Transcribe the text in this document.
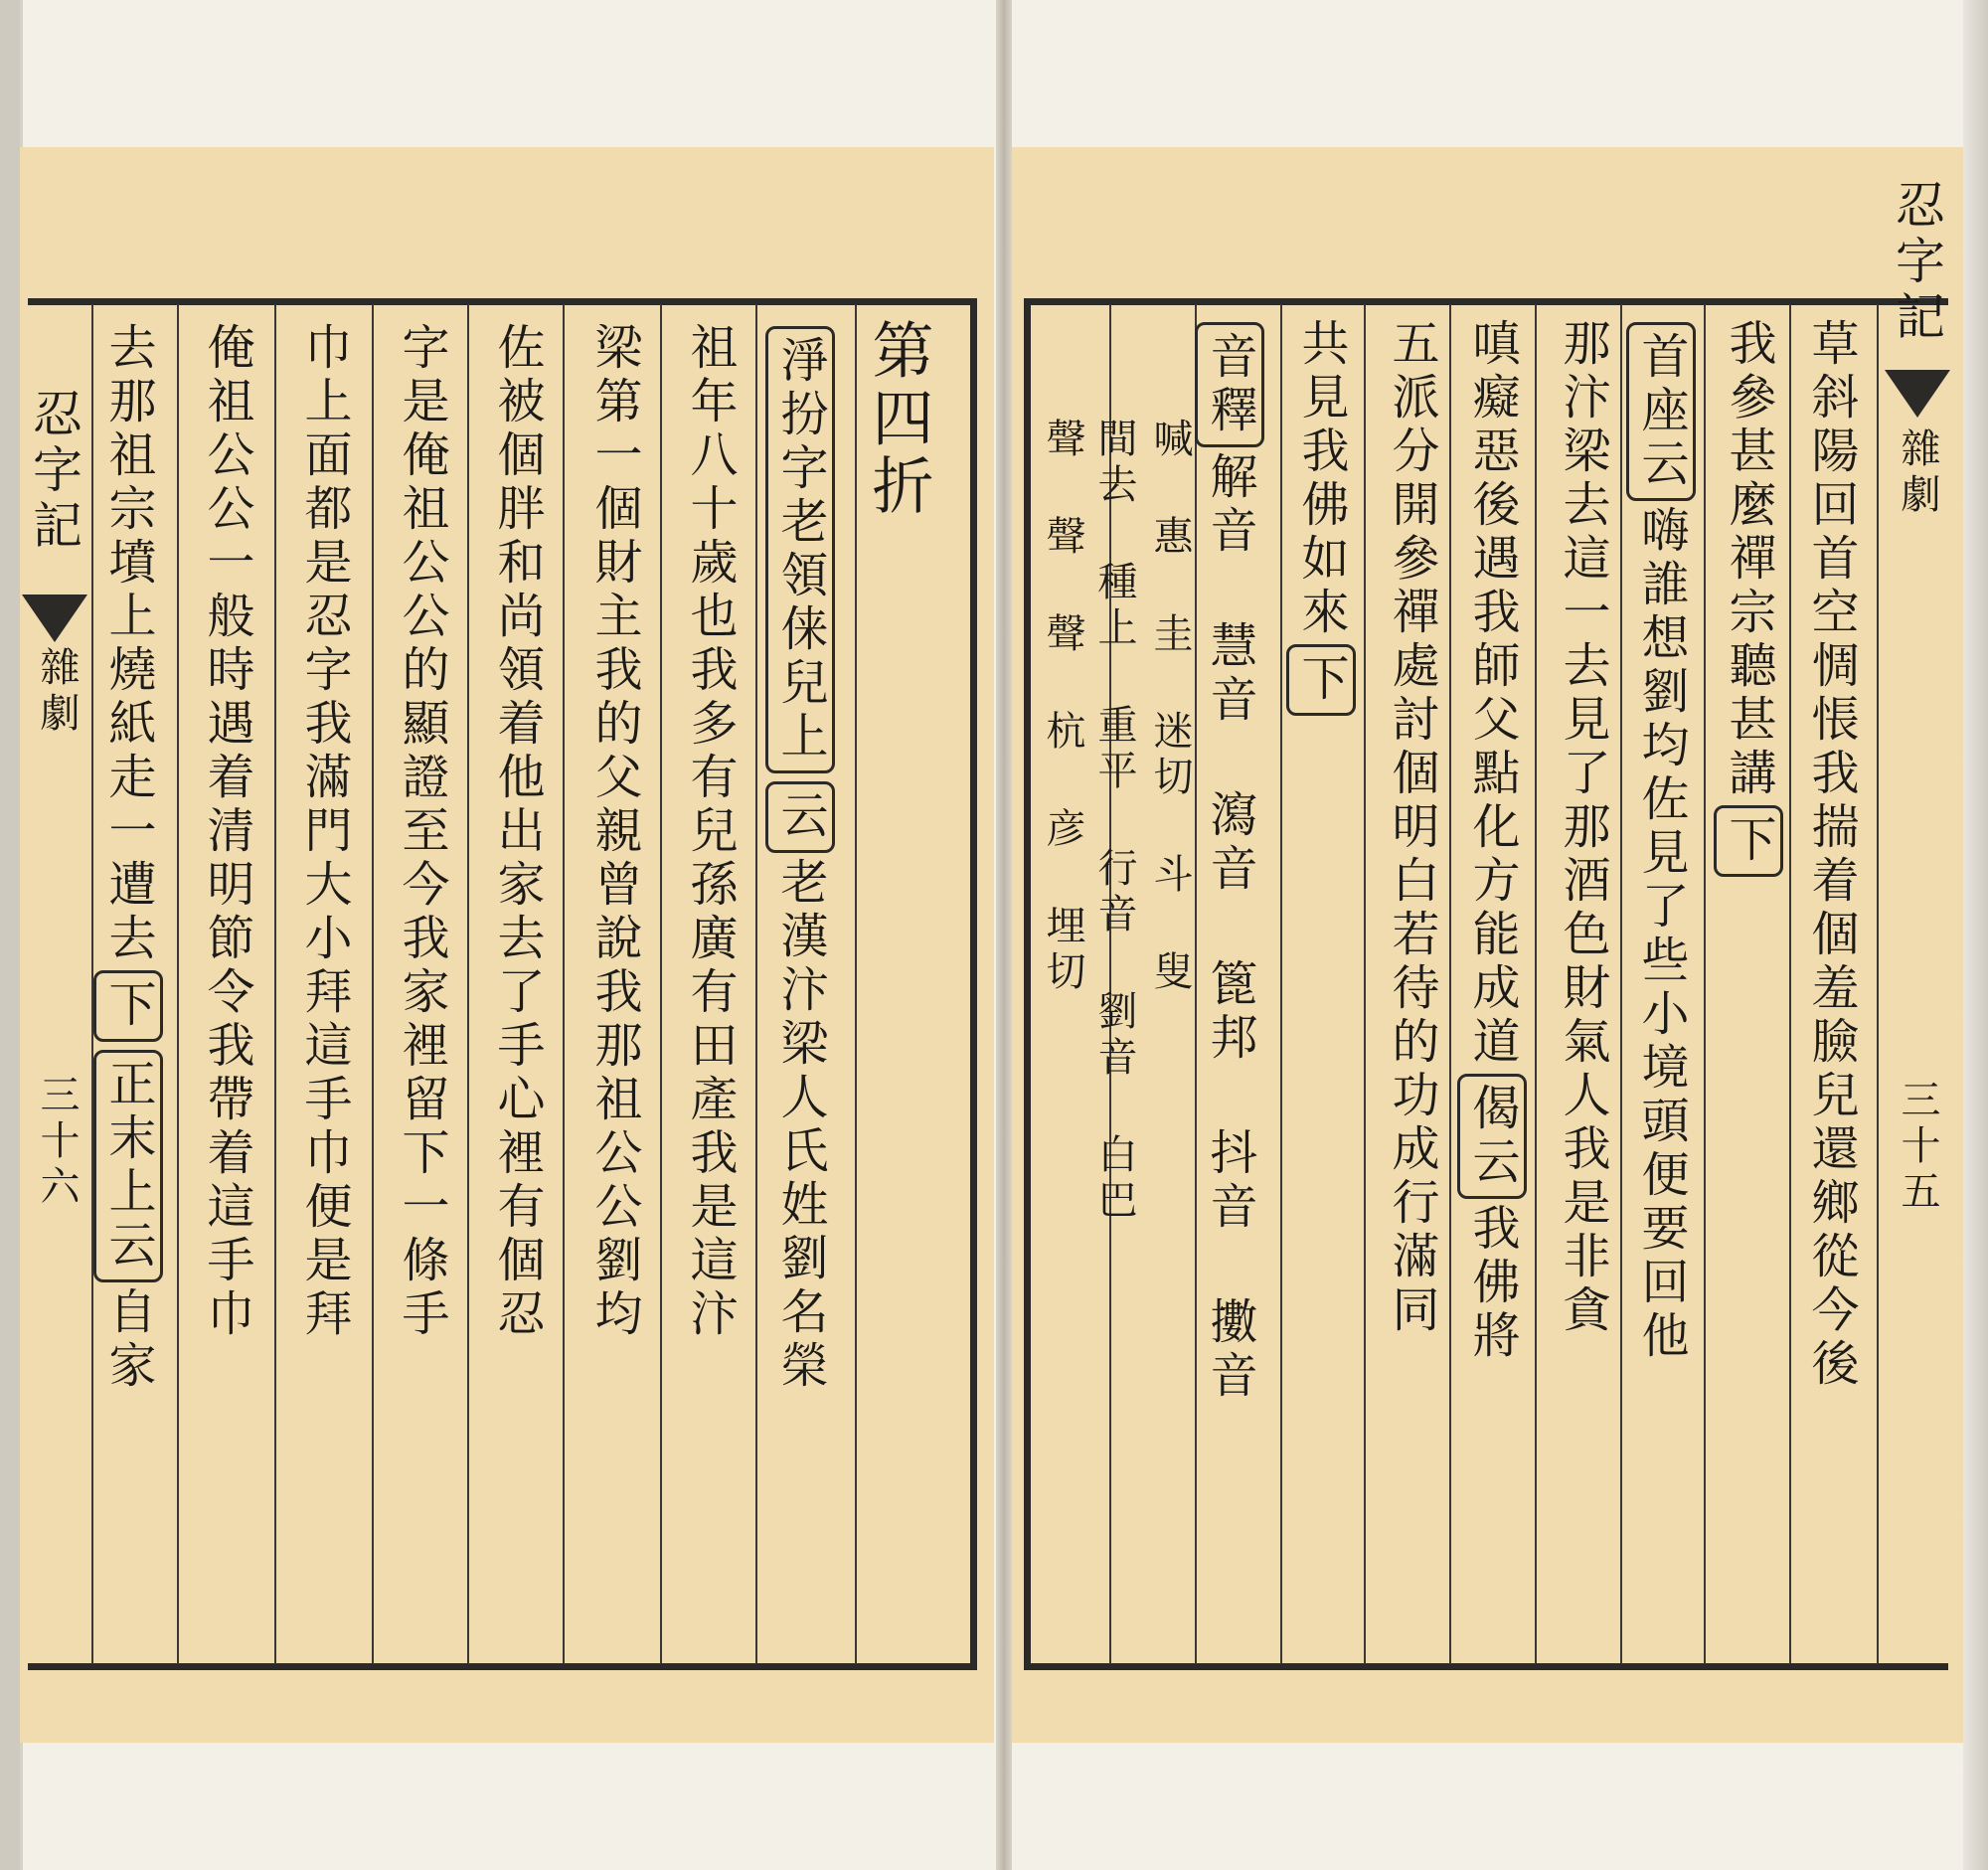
忍字記
雜劇
三十六
第四折
淨扮字老領俫兒上云老漢汴梁人氏姓劉名榮
祖年八十歲也我多有兒孫廣有田產我是這汴
梁第一個財主我的父親曾說我那祖公公劉均
佐被個胖和尚領着他出家去了手心裡有個忍
字是俺祖公公的顯證至今我家裡留下一條手
巾上面都是忍字我滿門大小拜這手巾便是拜
俺祖公公一般時遇着清明節令我帶着這手巾
去那祖宗墳上燒紙走一遭去下正末上云自家
忍字記
雜劇
三十五
草斜陽回首空惆悵我揣着個羞臉兒還鄉從今後
我參甚麼禪宗聽甚講下
首座云嗨誰想劉均佐見了些小境頭便要回他
那汴梁去這一去見了那酒色財氣人我是非貪
嗔癡惡後遇我師父點化方能成道偈云我佛將
五派分開參禪處討個明白若待的功成行滿同
共見我佛如來下
音釋解音 慧音 瀉音 篦邦 抖音 擻音
喊 惠 圭 迷切 斗 叟
間去 種上 重平 行音 劉音 白巴
聲 聲 聲 杭 彦 埋切
